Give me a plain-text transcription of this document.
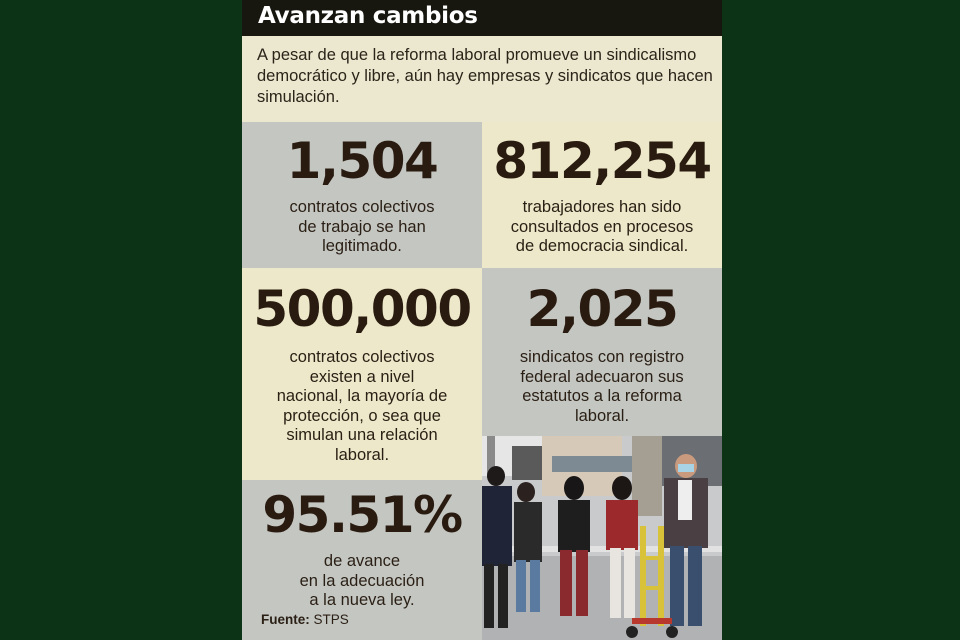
Avanzan cambios
A pesar de que la reforma laboral promueve un sindicalismo democrático y libre, aún hay empresas y sindicatos que hacen simulación.
1,504
contratos colectivos
de trabajo se han
legitimado.
812,254
trabajadores han sido
consultados en procesos
de democracia sindical.
500,000
contratos colectivos
existen a nivel
nacional, la mayoría de
protección, o sea que
simulan una relación
laboral.
2,025
sindicatos con registro
federal adecuaron sus
estatutos a la reforma
laboral.
95.51%
de avance
en la adecuación
a la nueva ley.
Fuente: STPS
